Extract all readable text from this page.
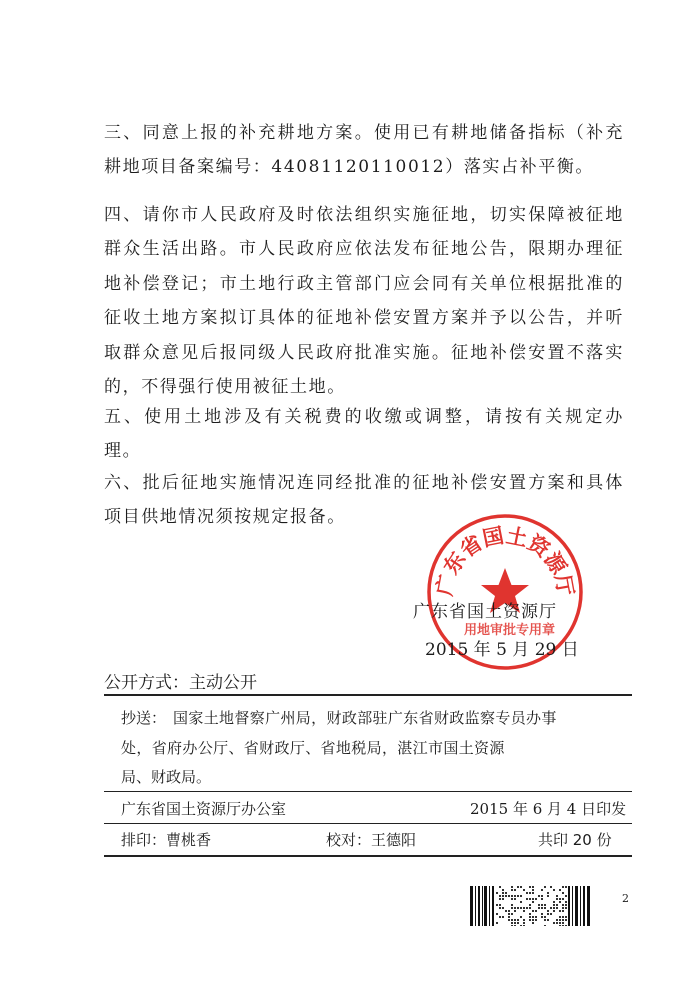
三、同意上报的补充耕地方案。使用已有耕地储备指标（补充耕地项目备案编号：44081120110012）落实占补平衡。

四、请你市人民政府及时依法组织实施征地，切实保障被征地群众生活出路。市人民政府应依法发布征地公告，限期办理征地补偿登记；市土地行政主管部门应会同有关单位根据批准的征收土地方案拟订具体的征地补偿安置方案并予以公告，并听取群众意见后报同级人民政府批准实施。征地补偿安置不落实的，不得强行使用被征土地。

五、使用土地涉及有关税费的收缴或调整，请按有关规定办理。

六、批后征地实施情况连同经批准的征地补偿安置方案和具体项目供地情况须按规定报备。

广东省国土资源厅
广东省国土资源厅
用地审批专用章
2015 年 5 月 29 日
公开方式：主动公开
抄送： 国家土地督察广州局，财政部驻广东省财政监察专员办事
处，省府办公厅、省财政厅、省地税局，湛江市国土资源
局、财政局。
广东省国土资源厅办公室	2015 年 6 月 4 日印发
排印：曹桃香	校对：王德阳	共印 20 份
2
